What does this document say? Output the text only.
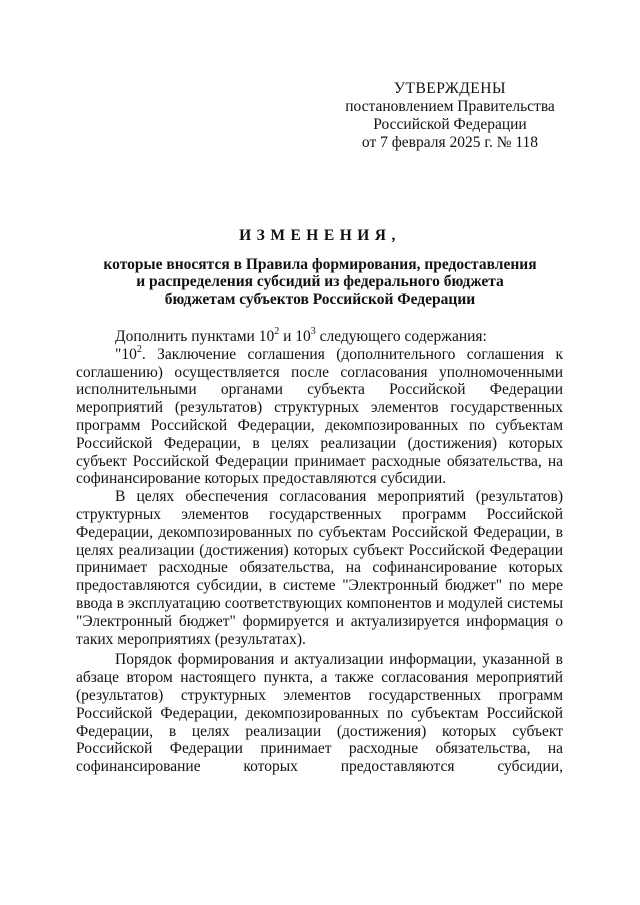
УТВЕРЖДЕНЫ
постановлением Правительства
Российской Федерации
от 7 февраля 2025 г. № 118
ИЗМЕНЕНИЯ,
которые вносятся в Правила формирования, предоставления
и распределения субсидий из федерального бюджета
бюджетам субъектов Российской Федерации

Дополнить пунктами $10^2$ и $10^3$ следующего содержания:

"$10^2$. Заключение соглашения (дополнительного соглашения к соглашению) осуществляется после согласования уполномоченными исполнительными органами субъекта Российской Федерации мероприятий (результатов) структурных элементов государственных программ Российской Федерации, декомпозированных по субъектам Российской Федерации, в целях реализации (достижения) которых субъект Российской Федерации принимает расходные обязательства, на софинансирование которых предоставляются субсидии.

В целях обеспечения согласования мероприятий (результатов) структурных элементов государственных программ Российской Федерации, декомпозированных по субъектам Российской Федерации, в целях реализации (достижения) которых субъект Российской Федерации принимает расходные обязательства, на софинансирование которых предоставляются субсидии, в системе "Электронный бюджет" по мере ввода в эксплуатацию соответствующих компонентов и модулей системы "Электронный бюджет" формируется и актуализируется информация о таких мероприятиях (результатах).

Порядок формирования и актуализации информации, указанной в абзаце втором настоящего пункта, а также согласования мероприятий (результатов) структурных элементов государственных программ Российской Федерации, декомпозированных по субъектам Российской Федерации, в целях реализации (достижения) которых субъект Российской Федерации принимает расходные обязательства, на софинансирование которых предоставляются субсидии,
